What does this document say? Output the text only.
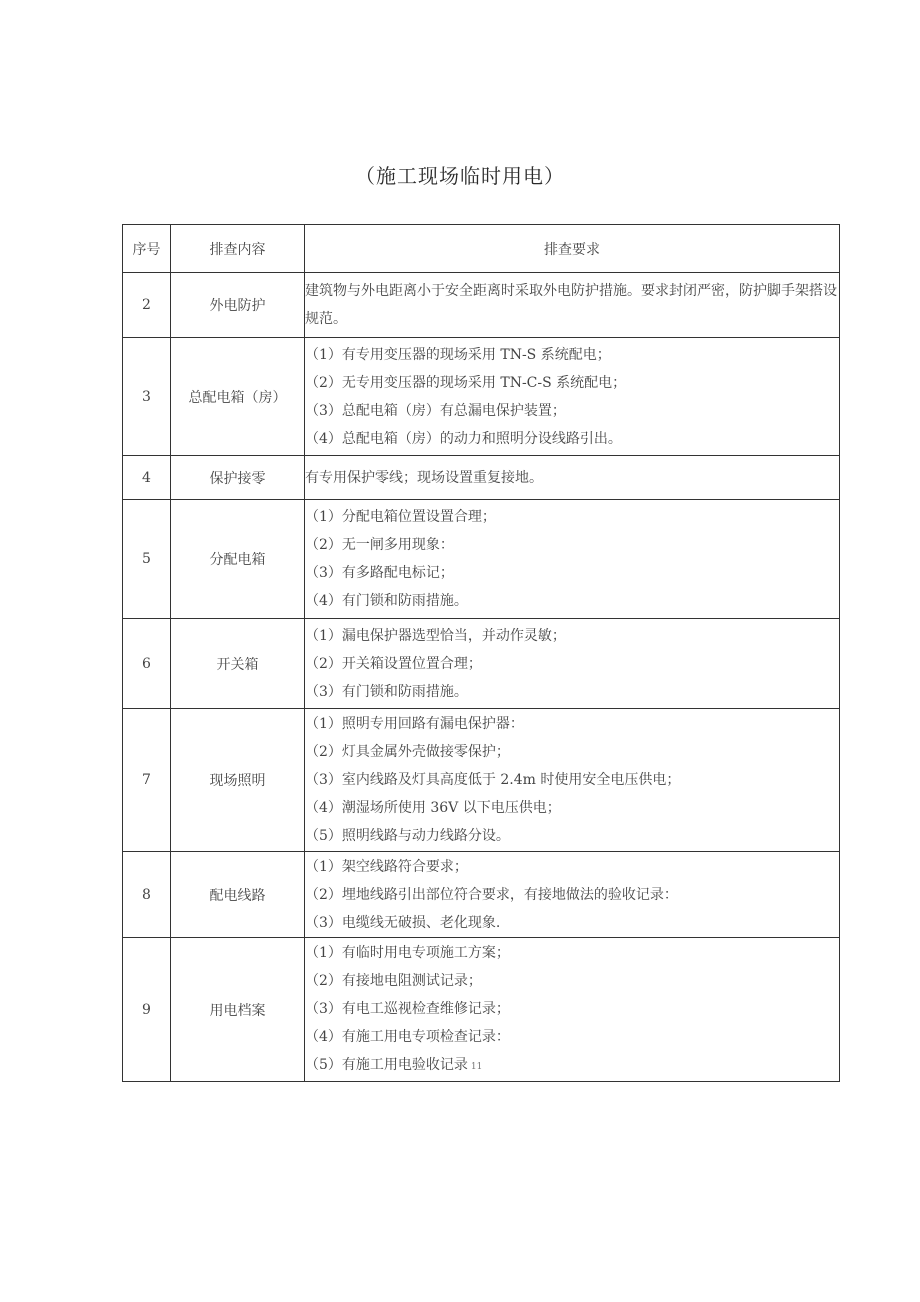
（施工现场临时用电）
序号	排查内容	排查要求
2	外电防护	建筑物与外电距离小于安全距离时采取外电防护措施。要求封闭严密，防护脚手架搭设规范。

3	总配电箱（房）	（1）有专用变压器的现场采用 TN-S 系统配电；
（2）无专用变压器的现场采用 TN-C-S 系统配电；
（3）总配电箱（房）有总漏电保护装置；
（4）总配电箱（房）的动力和照明分设线路引出。

4	保护接零	有专用保护零线；现场设置重复接地。

5	分配电箱	（1）分配电箱位置设置合理；
（2）无一闸多用现象：
（3）有多路配电标记；
（4）有门锁和防雨措施。

6	开关箱	（1）漏电保护器选型恰当，并动作灵敏；
（2）开关箱设置位置合理；
（3）有门锁和防雨措施。

7	现场照明	（1）照明专用回路有漏电保护器：
（2）灯具金属外壳做接零保护；
（3）室内线路及灯具高度低于 2.4m 时使用安全电压供电；
（4）潮湿场所使用 36V 以下电压供电；
（5）照明线路与动力线路分设。

8	配电线路	（1）架空线路符合要求；
（2）埋地线路引出部位符合要求，有接地做法的验收记录：
（3）电缆线无破损、老化现象.

9	用电档案	（1）有临时用电专项施工方案；
（2）有接地电阻测试记录；
（3）有电工巡视检查维修记录；
（4）有施工用电专项检查记录：
（5）有施工用电验收记录 11
